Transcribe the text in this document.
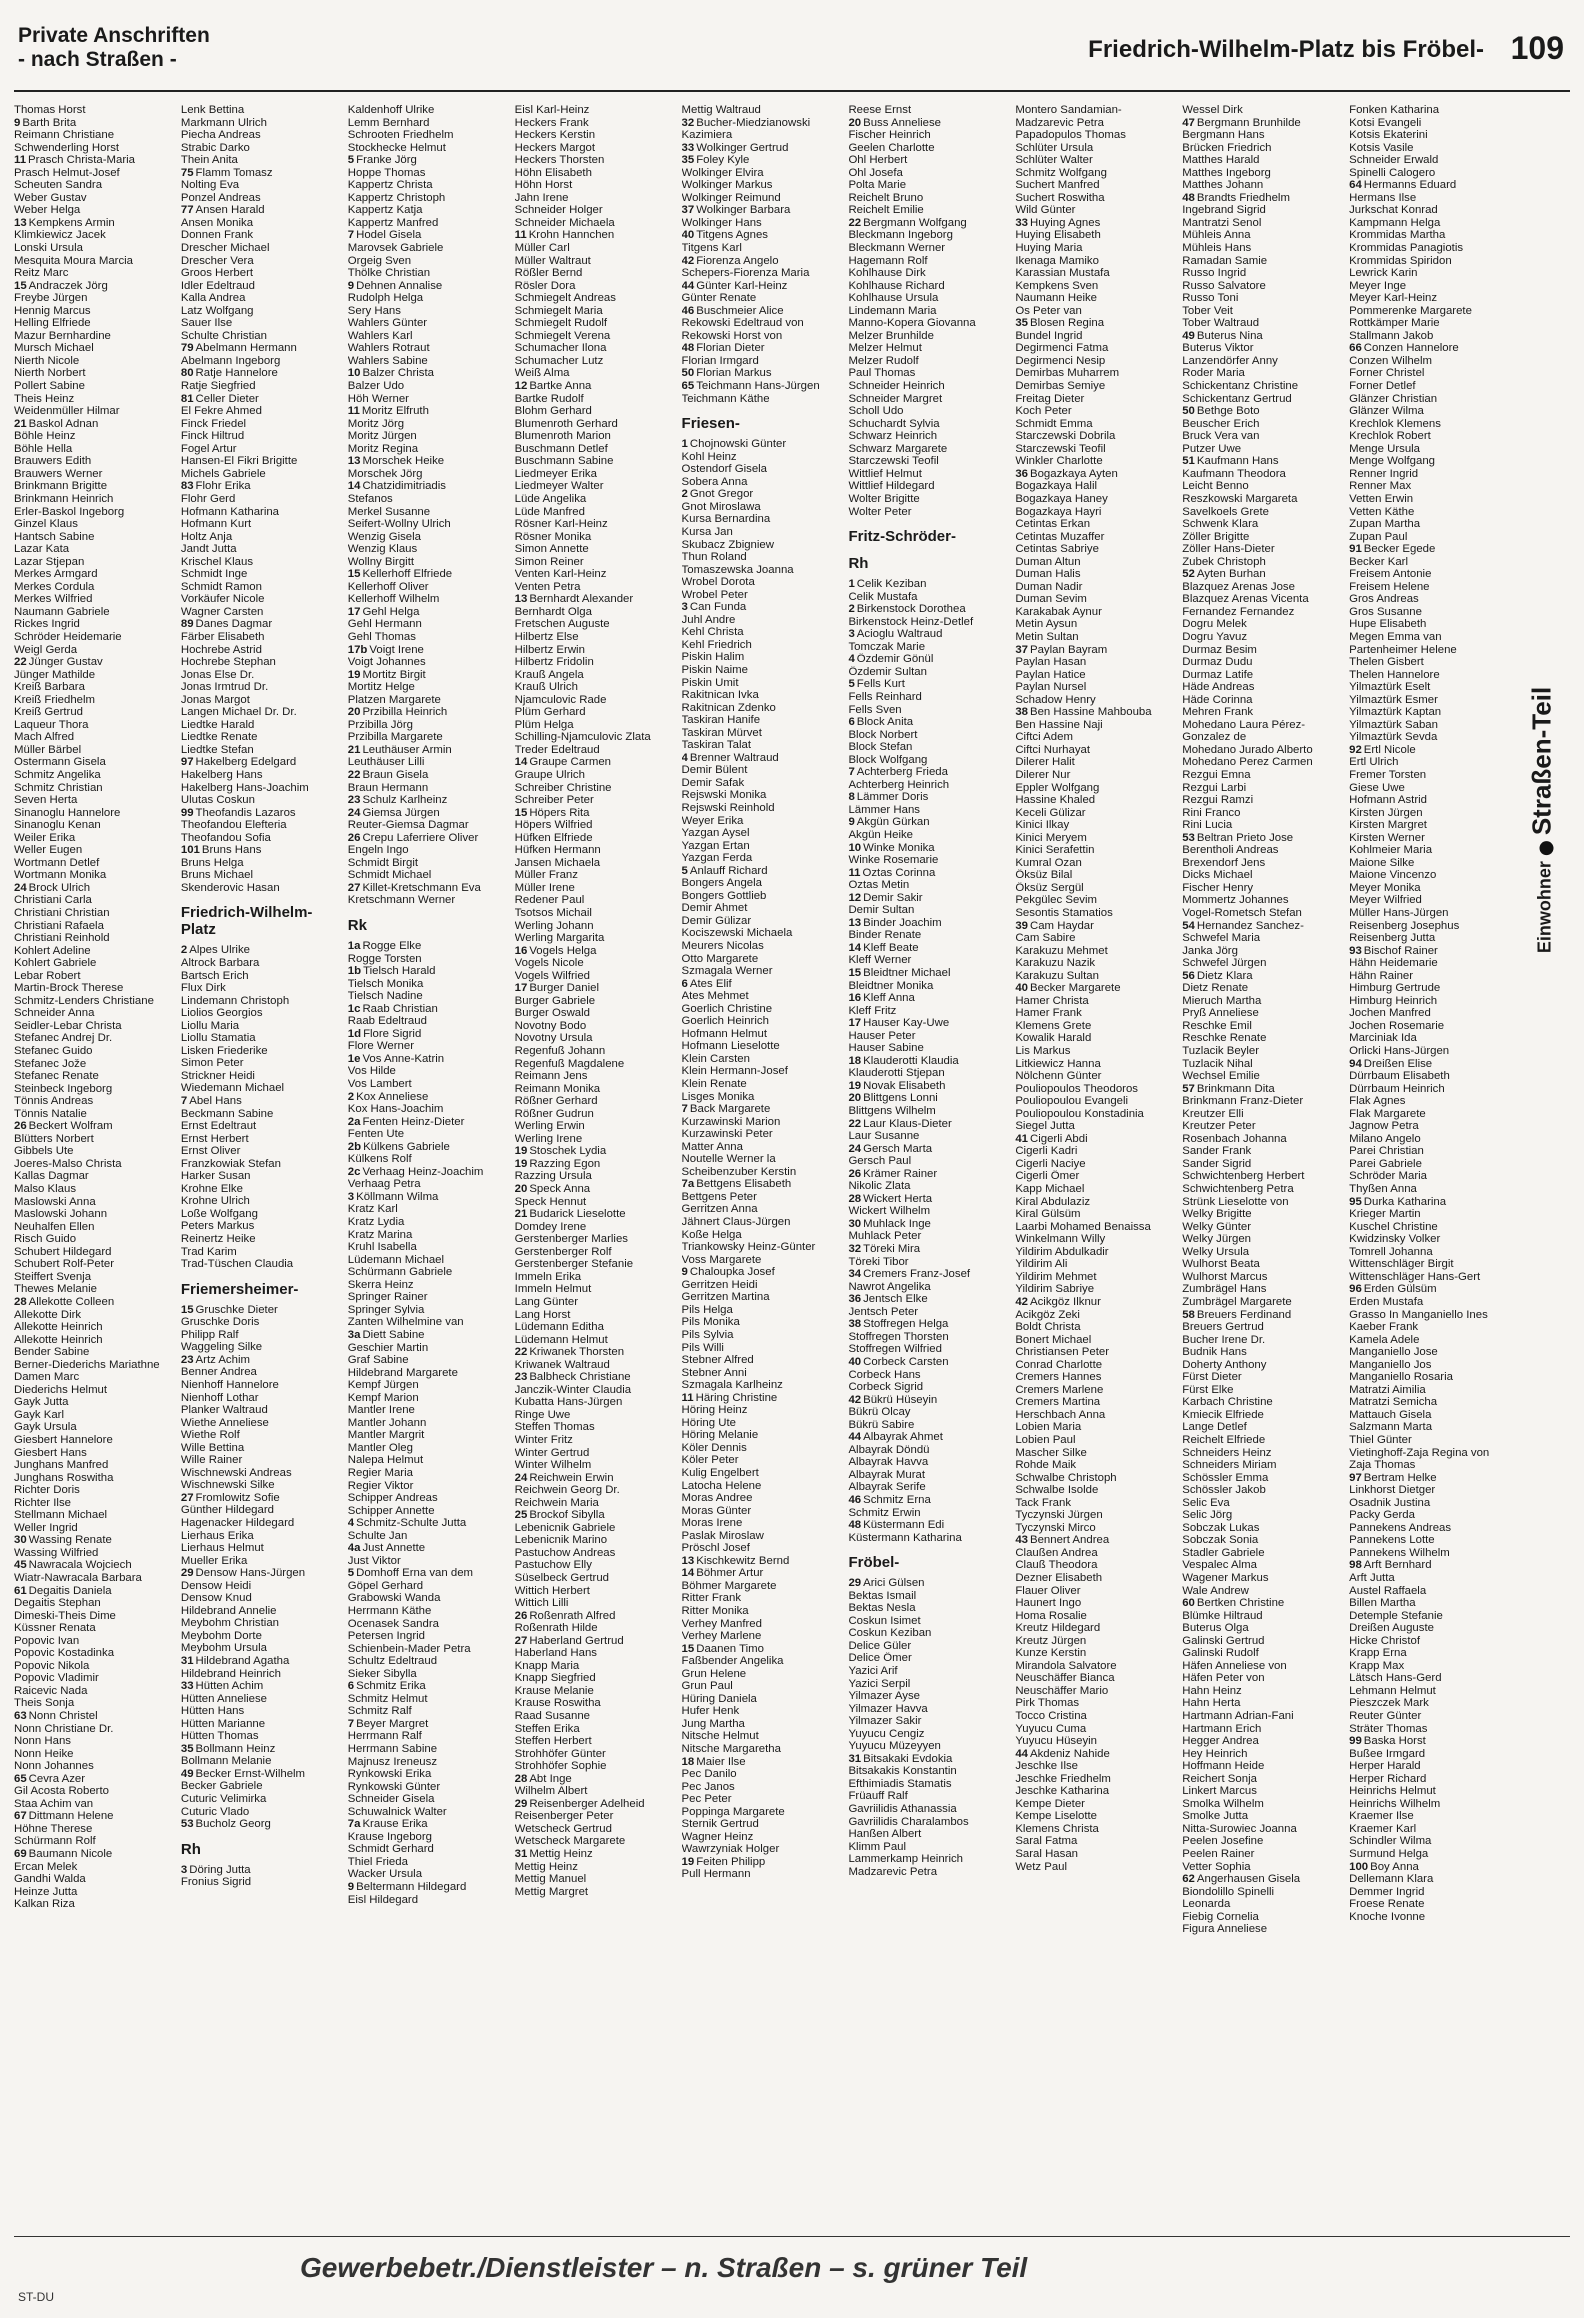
Private Anschriften
- nach Straßen -	Friedrich-Wilhelm-Platz bis Fröbel- 109
Thomas Horst
9 Barth Brita
Reimann Christiane
Schwenderling Horst
11 Prasch Christa-Maria
Prasch Helmut-Josef
Scheuten Sandra
Weber Gustav
Weber Helga
13 Kempkens Armin
Klimkiewicz Jacek
Lonski Ursula
Mesquita Moura Marcia
Reitz Marc
15 Andraczek Jörg
Freybe Jürgen
Hennig Marcus
Helling Elfriede
Mazur Bernhardine
Mursch Michael
Nierth Nicole
Nierth Norbert
Pollert Sabine
Theis Heinz
Weidenmüller Hilmar
21 Baskol Adnan
Böhle Heinz
Böhle Hella
Brauwers Edith
Brauwers Werner
Brinkmann Brigitte
Brinkmann Heinrich
Erler-Baskol Ingeborg
Ginzel Klaus
Hantsch Sabine
Lazar Kata
Lazar Stjepan
Merkes Armgard
Merkes Cordula
Merkes Wilfried
Naumann Gabriele
Rickes Ingrid
Schröder Heidemarie
Weigl Gerda
22 Jünger Gustav
Jünger Mathilde
Kreiß Barbara
Kreiß Friedhelm
Kreiß Gertrud
Laqueur Thora
Mach Alfred
Müller Bärbel
Ostermann Gisela
Schmitz Angelika
Schmitz Christian
Seven Herta
Sinanoglu Hannelore
Sinanoglu Kenan
Weiler Erika
Weller Eugen
Wortmann Detlef
Wortmann Monika
24 Brock Ulrich
Christiani Carla
Christiani Christian
Christiani Rafaela
Christiani Reinhold
Kohlert Adeline
Kohlert Gabriele
Lebar Robert
Martin-Brock Therese
Schmitz-Lenders Christiane
Schneider Anna
Seidler-Lebar Christa
Stefanec Andrej Dr.
Stefanec Guido
Stefanec Jože
Stefanec Renate
Steinbeck Ingeborg
Tönnis Andreas
Tönnis Natalie
26 Beckert Wolfram
Blütters Norbert
Gibbels Ute
Joeres-Malso Christa
Kallas Dagmar
Malso Klaus
Maslowski Anna
Maslowski Johann
Neuhalfen Ellen
Risch Guido
Schubert Hildegard
Schubert Rolf-Peter
Steiffert Svenja
Thewes Melanie
28 Allekotte Colleen
Allekotte Dirk
Allekotte Heinrich
Allekotte Heinrich
Bender Sabine
Berner-Diederichs Mariathne
Damen Marc
Diederichs Helmut
Gayk Jutta
Gayk Karl
Gayk Ursula
Giesbert Hannelore
Giesbert Hans
Junghans Manfred
Junghans Roswitha
Richter Doris
Richter Ilse
Stellmann Michael
Weller Ingrid
30 Wassing Renate
Wassing Wilfried
45 Nawracala Wojciech
Wiatr-Nawracala Barbara
61 Degaitis Daniela
Degaitis Stephan
Dimeski-Theis Dime
Küssner Renata
Popovic Ivan
Popovic Kostadinka
Popovic Nikola
Popovic Vladimir
Raicevic Nada
Theis Sonja
63 Nonn Christel
Nonn Christiane Dr.
Nonn Hans
Nonn Heike
Nonn Johannes
65 Cevra Azer
Gil Acosta Roberto
Staa Achim van
67 Dittmann Helene
Höhne Therese
Schürmann Rolf
69 Baumann Nicole
Ercan Melek
Gandhi Walda
Heinze Jutta
Kalkan Riza
Lenk Bettina
Markmann Ulrich
Piecha Andreas
Strabic Darko
Thein Anita
75 Flamm Tomasz
Nolting Eva
Ponzel Andreas
77 Ansen Harald
Ansen Monika
Donnen Frank
Drescher Michael
Drescher Vera
Groos Herbert
Idler Edeltraud
Kalla Andrea
Latz Wolfgang
Sauer Ilse
Schulte Christian
79 Abelmann Hermann
Abelmann Ingeborg
80 Ratje Hannelore
Ratje Siegfried
81 Celler Dieter
El Fekre Ahmed
Finck Friedel
Finck Hiltrud
Fogel Artur
Hansen-El Fikri Brigitte
Michels Gabriele
83 Flohr Erika
Flohr Gerd
Hofmann Katharina
Hofmann Kurt
Holtz Anja
Jandt Jutta
Krischel Klaus
Schmidt Inge
Schmidt Ramon
Vorkäufer Nicole
Wagner Carsten
89 Danes Dagmar
Färber Elisabeth
Hochrebe Astrid
Hochrebe Stephan
Jonas Else Dr.
Jonas Irmtrud Dr.
Jonas Margot
Langen Michael Dr. Dr.
Liedtke Harald
Liedtke Renate
Liedtke Stefan
97 Hakelberg Edelgard
Hakelberg Hans
Hakelberg Hans-Joachim
Ulutas Coskun
99 Theofandis Lazaros
Theofandou Elefteria
Theofandou Sofia
101 Bruns Hans
Bruns Helga
Bruns Michael
Skenderovic Hasan
Friedrich-Wilhelm-Platz
2 Alpes Ulrike
Altrock Barbara
Bartsch Erich
Flux Dirk
Lindemann Christoph
Liolios Georgios
Liollu Maria
Liollu Stamatia
Lisken Friederike
Simon Peter
Strickner Heidi
Wiedemann Michael
7 Abel Hans
Beckmann Sabine
Ernst Edeltraut
Ernst Herbert
Ernst Oliver
Franzkowiak Stefan
Harker Susan
Krohne Elke
Krohne Ulrich
Loße Wolfgang
Peters Markus
Reinertz Heike
Trad Karim
Trad-Tüschen Claudia
Friemersheimer-
15 Gruschke Dieter
Gruschke Doris
Philipp Ralf
Waggeling Silke
23 Artz Achim
Benner Andrea
Nienhoff Hannelore
Nienhoff Lothar
Planker Waltraud
Wiethe Anneliese
Wiethe Rolf
Wille Bettina
Wille Rainer
Wischnewski Andreas
Wischnewski Silke
27 Fromlowitz Sofie
Günther Hildegard
Hagenacker Hildegard
Lierhaus Erika
Lierhaus Helmut
Mueller Erika
29 Densow Hans-Jürgen
Densow Heidi
Densow Knud
Hildebrand Annelie
Meybohm Christian
Meybohm Dorte
Meybohm Ursula
31 Hildebrand Agatha
Hildebrand Heinrich
33 Hütten Achim
Hütten Anneliese
Hütten Hans
Hütten Marianne
Hütten Thomas
35 Bollmann Heinz
Bollmann Melanie
49 Becker Ernst-Wilhelm
Becker Gabriele
Cuturic Velimirka
Cuturic Vlado
53 Bucholz Georg
Rh
3 Döring Jutta
Fronius Sigrid
Kaldenhoff Ulrike
Lemm Bernhard
Schrooten Friedhelm
Stockhecke Helmut
5 Franke Jörg
Hoppe Thomas
Kappertz Christa
Kappertz Christoph
Kappertz Katja
Kappertz Manfred
7 Hodel Gisela
Marovsek Gabriele
Orgeig Sven
Thölke Christian
9 Dehnen Annalise
Rudolph Helga
Sery Hans
Wahlers Günter
Wahlers Karl
Wahlers Rotraut
Wahlers Sabine
10 Balzer Christa
Balzer Udo
Höh Werner
11 Moritz Elfruth
Moritz Jörg
Moritz Jürgen
Moritz Regina
13 Morschek Heike
Morschek Jörg
14 Chatzidimitriadis
Stefanos
Merkel Susanne
Seifert-Wollny Ulrich
Wenzig Gisela
Wenzig Klaus
Wollny Birgitt
15 Kellerhoff Elfriede
Kellerhoff Oliver
Kellerhoff Wilhelm
17 Gehl Helga
Gehl Hermann
Gehl Thomas
17b Voigt Irene
Voigt Johannes
19 Mortitz Birgit
Mortitz Helge
Platzen Margarete
20 Przibilla Heinrich
Przibilla Jörg
Przibilla Margarete
21 Leuthäuser Armin
Leuthäuser Lilli
22 Braun Gisela
Braun Hermann
23 Schulz Karlheinz
24 Giemsa Jürgen
Reuter-Giemsa Dagmar
26 Crepu Laferriere Oliver
Engeln Ingo
Schmidt Birgit
Schmidt Michael
27 Killet-Kretschmann Eva
Kretschmann Werner
Rk
1a Rogge Elke
Rogge Torsten
1b Tielsch Harald
Tielsch Monika
Tielsch Nadine
1c Raab Christian
Raab Edeltraud
1d Flore Sigrid
Flore Werner
1e Vos Anne-Katrin
Vos Hilde
Vos Lambert
2 Kox Anneliese
Kox Hans-Joachim
2a Fenten Heinz-Dieter
Fenten Ute
2b Külkens Gabriele
Külkens Rolf
2c Verhaag Heinz-Joachim
Verhaag Petra
3 Köllmann Wilma
Kratz Karl
Kratz Lydia
Kratz Marina
Kruhl Isabella
Lüdemann Michael
Schürmann Gabriele
Skerra Heinz
Springer Rainer
Springer Sylvia
Zanten Wilhelmine van
3a Diett Sabine
Geschier Martin
Graf Sabine
Hildebrand Margarete
Kempf Jürgen
Kempf Marion
Mantler Irene
Mantler Johann
Mantler Margrit
Mantler Oleg
Nalepa Helmut
Regier Maria
Regier Viktor
Schipper Andreas
Schipper Annette
4 Schmitz-Schulte Jutta
Schulte Jan
4a Just Annette
Just Viktor
5 Domhoff Erna van dem
Göpel Gerhard
Grabowski Wanda
Herrmann Käthe
Ocenasek Sandra
Petersen Ingrid
Schienbein-Mader Petra
Schultz Edeltraud
Sieker Sibylla
6 Schmitz Erika
Schmitz Helmut
Schmitz Ralf
7 Beyer Margret
Herrmann Ralf
Herrmann Sabine
Majnusz Ireneusz
Rynkowski Erika
Rynkowski Günter
Schneider Gisela
Schuwalnick Walter
7a Krause Erika
Krause Ingeborg
Schmidt Gerhard
Thiel Frieda
Wacker Ursula
9 Beltermann Hildegard
Eisl Hildegard
Eisl Karl-Heinz
Heckers Frank
Heckers Kerstin
Heckers Margot
Heckers Thorsten
Höhn Elisabeth
Höhn Horst
Jahn Irene
Schneider Holger
Schneider Michaela
11 Krohn Hannchen
Müller Carl
Müller Waltraut
Rößler Bernd
Rösler Dora
Schmiegelt Andreas
Schmiegelt Maria
Schmiegelt Rudolf
Schmiegelt Verena
Schumacher Ilona
Schumacher Lutz
Weiß Alma
12 Bartke Anna
Bartke Rudolf
Blohm Gerhard
Blumenroth Gerhard
Blumenroth Marion
Buschmann Detlef
Buschmann Sabine
Liedmeyer Erika
Liedmeyer Walter
Lüde Angelika
Lüde Manfred
Rösner Karl-Heinz
Rösner Monika
Simon Annette
Simon Reiner
Venten Karl-Heinz
Venten Petra
13 Bernhardt Alexander
Bernhardt Olga
Fretschen Auguste
Hilbertz Else
Hilbertz Erwin
Hilbertz Fridolin
Krauß Angela
Krauß Ulrich
Njamculovic Rade
Plüm Gerhard
Plüm Helga
Schilling-Njamculovic Zlata
Treder Edeltraud
14 Graupe Carmen
Graupe Ulrich
Schreiber Christine
Schreiber Peter
15 Höpers Rita
Höpers Wilfried
Hüfken Elfriede
Hüfken Hermann
Jansen Michaela
Müller Franz
Müller Irene
Redener Paul
Tsotsos Michail
Werling Johann
Werling Margarita
16 Vogels Helga
Vogels Nicole
Vogels Wilfried
17 Burger Daniel
Burger Gabriele
Burger Oswald
Novotny Bodo
Novotny Ursula
Regenfuß Johann
Regenfuß Magdalene
Reimann Jens
Reimann Monika
Rößner Gerhard
Rößner Gudrun
Werling Erwin
Werling Irene
19 Stoschek Lydia
19 Razzing Egon
Razzing Ursula
20 Speck Anna
Speck Hennut
21 Budarick Lieselotte
Domdey Irene
Gerstenberger Marlies
Gerstenberger Rolf
Gerstenberger Stefanie
Immeln Erika
Immeln Helmut
Lang Günter
Lang Horst
Lüdemann Editha
Lüdemann Helmut
22 Kriwanek Thorsten
Kriwanek Waltraud
23 Balbheck Christiane
Janczik-Winter Claudia
Kubatta Hans-Jürgen
Ringe Uwe
Steffen Thomas
Winter Fritz
Winter Gertrud
Winter Wilhelm
24 Reichwein Erwin
Reichwein Georg Dr.
Reichwein Maria
25 Brockof Sibylla
Lebenicnik Gabriele
Lebenicnik Marino
Pastuchow Andreas
Pastuchow Elly
Süselbeck Gertrud
Wittich Herbert
Wittich Lilli
26 Roßenrath Alfred
Roßenrath Hilde
27 Haberland Gertrud
Haberland Hans
Knapp Maria
Knapp Siegfried
Krause Melanie
Krause Roswitha
Raad Susanne
Steffen Erika
Steffen Herbert
Strohhöfer Günter
Strohhöfer Sophie
28 Abt Inge
Wilhelm Albert
29 Reisenberger Adelheid
Reisenberger Peter
Wetscheck Gertrud
Wetscheck Margarete
31 Mettig Heinz
Mettig Heinz
Mettig Manuel
Mettig Margret
Mettig Waltraud
32 Bucher-Miedzianowski
Kazimiera
33 Wolkinger Gertrud
35 Foley Kyle
Wolkinger Elvira
Wolkinger Markus
Wolkinger Reimund
37 Wolkinger Barbara
Wolkinger Hans
40 Titgens Agnes
Titgens Karl
42 Fiorenza Angelo
Schepers-Fiorenza Maria
44 Günter Karl-Heinz
Günter Renate
46 Buschmeier Alice
Rekowski Edeltraud von
Rekowski Horst von
48 Florian Dieter
Florian Irmgard
50 Florian Markus
65 Teichmann Hans-Jürgen
Teichmann Käthe
Friesen-
1 Chojnowski Günter
Kohl Heinz
Ostendorf Gisela
Sobera Anna
2 Gnot Gregor
Gnot Miroslawa
Kursa Bernardina
Kursa Jan
Skubacz Zbigniew
Thun Roland
Tomaszewska Joanna
Wrobel Dorota
Wrobel Peter
3 Can Funda
Juhl Andre
Kehl Christa
Kehl Friedrich
Piskin Halim
Piskin Naime
Piskin Umit
Rakitnican Ivka
Rakitnican Zdenko
Taskiran Hanife
Taskiran Mürvet
Taskiran Talat
4 Brenner Waltraud
Demir Bülent
Demir Safak
Rejswski Monika
Rejswski Reinhold
Weyer Erika
Yazgan Aysel
Yazgan Ertan
Yazgan Ferda
5 Anlauff Richard
Bongers Angela
Bongers Gottlieb
Demir Ahmet
Demir Gülizar
Kociszewski Michaela
Meurers Nicolas
Otto Margarete
Szmagala Werner
6 Ates Elif
Ates Mehmet
Goerlich Christine
Goerlich Heinrich
Hofmann Helmut
Hofmann Lieselotte
Klein Carsten
Klein Hermann-Josef
Klein Renate
Lisges Monika
7 Back Margarete
Kurzawinski Marion
Kurzawinski Peter
Matter Anna
Noutelle Werner la
Scheibenzuber Kerstin
7a Bettgens Elisabeth
Bettgens Peter
Gerritzen Anna
Jähnert Claus-Jürgen
Koße Helga
Triankowsky Heinz-Günter
Voss Margarete
9 Chaloupka Josef
Gerritzen Heidi
Gerritzen Martina
Pils Helga
Pils Monika
Pils Sylvia
Pils Willi
Stebner Alfred
Stebner Anni
Szmagala Karlheinz
11 Häring Christine
Höring Heinz
Höring Ute
Höring Melanie
Köler Dennis
Köler Peter
Kulig Engelbert
Latocha Helene
Moras Andree
Moras Günter
Moras Irene
Paslak Miroslaw
Pröschl Josef
13 Kischkewitz Bernd
14 Böhmer Artur
Böhmer Margarete
Ritter Frank
Ritter Monika
Verhey Manfred
Verhey Marlene
15 Daanen Timo
Faßbender Angelika
Grun Helene
Grun Paul
Hüring Daniela
Hufer Henk
Jung Martha
Nitsche Helmut
Nitsche Margaretha
18 Maier Ilse
Pec Danilo
Pec Janos
Pec Peter
Poppinga Margarete
Sternik Gertrud
Wagner Heinz
Wawrzyniak Holger
19 Feiten Philipp
Pull Hermann
Reese Ernst
20 Buss Anneliese
Fischer Heinrich
Geelen Charlotte
Ohl Herbert
Ohl Josefa
Polta Marie
Reichelt Bruno
Reichelt Emilie
22 Bergmann Wolfgang
Bleckmann Ingeborg
Bleckmann Werner
Hagemann Rolf
Kohlhause Dirk
Kohlhause Richard
Kohlhause Ursula
Lindemann Maria
Manno-Kopera Giovanna
Melzer Brunhilde
Melzer Helmut
Melzer Rudolf
Paul Thomas
Schneider Heinrich
Schneider Margret
Scholl Udo
Schuchardt Sylvia
Schwarz Heinrich
Schwarz Margarete
Starczewski Teofil
Wittlief Helmut
Wittlief Hildegard
Wolter Brigitte
Wolter Peter
Fritz-Schröder-
Rh
1 Celik Keziban
Celik Mustafa
2 Birkenstock Dorothea
Birkenstock Heinz-Detlef
3 Acioglu Waltraud
Tomczak Marie
4 Özdemir Gönül
Özdemir Sultan
5 Fells Kurt
Fells Reinhard
Fells Sven
6 Block Anita
Block Norbert
Block Stefan
Block Wolfgang
7 Achterberg Frieda
Achterberg Heinrich
8 Lämmer Doris
Lämmer Hans
9 Akgün Gürkan
Akgün Heike
10 Winke Monika
Winke Rosemarie
11 Oztas Corinna
Oztas Metin
12 Demir Sakir
Demir Sultan
13 Binder Joachim
Binder Renate
14 Kleff Beate
Kleff Werner
15 Bleidtner Michael
Bleidtner Monika
16 Kleff Anna
Kleff Fritz
17 Hauser Kay-Uwe
Hauser Peter
Hauser Sabine
18 Klauderotti Klaudia
Klauderotti Stjepan
19 Novak Elisabeth
20 Blittgens Lonni
Blittgens Wilhelm
22 Laur Klaus-Dieter
Laur Susanne
24 Gersch Marta
Gersch Paul
26 Krämer Rainer
Nikolic Zlata
28 Wickert Herta
Wickert Wilhelm
30 Muhlack Inge
Muhlack Peter
32 Töreki Mira
Töreki Tibor
34 Cremers Franz-Josef
Nawrot Angelika
36 Jentsch Elke
Jentsch Peter
38 Stoffregen Helga
Stoffregen Thorsten
Stoffregen Wilfried
40 Corbeck Carsten
Corbeck Hans
Corbeck Sigrid
42 Bükrü Hüseyin
Bükrü Olcay
Bükrü Sabire
44 Albayrak Ahmet
Albayrak Döndü
Albayrak Havva
Albayrak Murat
Albayrak Serife
46 Schmitz Erna
Schmitz Erwin
48 Küstermann Edi
Küstermann Katharina
Fröbel-
29 Arici Gülsen
Bektas Ismail
Bektas Nesla
Coskun Isimet
Coskun Keziban
Delice Güler
Delice Ömer
Yazici Arif
Yazici Serpil
Yilmazer Ayse
Yilmazer Havva
Yilmazer Sakir
Yuyucu Cengiz
Yuyucu Müzeyyen
31 Bitsakaki Evdokia
Bitsakakis Konstantin
Efthimiadis Stamatis
Früauff Ralf
Gavriilidis Athanassia
Gavriilidis Charalambos
Hanßen Albert
Klimm Paul
Lammerkamp Heinrich
Madzarevic Petra
Montero Sandamian-
Madzarevic Petra
Papadopulos Thomas
Schlüter Ursula
Schlüter Walter
Schmitz Wolfgang
Suchert Manfred
Suchert Roswitha
Wild Günter
33 Huying Agnes
Huying Elisabeth
Huying Maria
Ikenaga Mamiko
Karassian Mustafa
Kempkens Sven
Naumann Heike
Os Peter van
35 Blosen Regina
Bundel Ingrid
Degirmenci Fatma
Degirmenci Nesip
Demirbas Muharrem
Demirbas Semiye
Freitag Dieter
Koch Peter
Schmidt Emma
Starczewski Dobrila
Starczewski Teofil
Winkler Charlotte
36 Bogazkaya Ayten
Bogazkaya Halil
Bogazkaya Haney
Bogazkaya Hayri
Cetintas Erkan
Cetintas Muzaffer
Cetintas Sabriye
Duman Altun
Duman Halis
Duman Nadir
Duman Sevim
Karakabak Aynur
Metin Aysun
Metin Sultan
37 Paylan Bayram
Paylan Hasan
Paylan Hatice
Paylan Nursel
Schadow Henry
38 Ben Hassine Mahbouba
Ben Hassine Naji
Ciftci Adem
Ciftci Nurhayat
Dilerer Halit
Dilerer Nur
Eppler Wolfgang
Hassine Khaled
Keceli Gülizar
Kinici Ilkay
Kinici Meryem
Kinici Serafettin
Kumral Ozan
Öksüz Bilal
Öksüz Sergül
Pekgülec Sevim
Sesontis Stamatios
39 Cam Haydar
Cam Sabire
Karakuzu Mehmet
Karakuzu Nazik
Karakuzu Sultan
40 Becker Margarete
Hamer Christa
Hamer Frank
Klemens Grete
Kowalik Harald
Lis Markus
Litkiewicz Hanna
Nölchenn Günter
Pouliopoulos Theodoros
Pouliopoulou Evangeli
Pouliopoulou Konstadinia
Siegel Jutta
41 Cigerli Abdi
Cigerli Kadri
Cigerli Naciye
Cigerli Ömer
Kapp Michael
Kiral Abdulaziz
Kiral Gülsüm
Laarbi Mohamed Benaissa
Winkelmann Willy
Yildirim Abdulkadir
Yildirim Ali
Yildirim Mehmet
Yildirim Sabriye
42 Acikgöz Ilknur
Acikgöz Zeki
Boldt Christa
Bonert Michael
Christiansen Peter
Conrad Charlotte
Cremers Hannes
Cremers Marlene
Cremers Martina
Herschbach Anna
Lobien Maria
Lobien Paul
Mascher Silke
Rohde Maik
Schwalbe Christoph
Schwalbe Isolde
Tack Frank
Tyczynski Jürgen
Tyczynski Mirco
43 Bennert Andrea
Claußen Andrea
Clauß Theodora
Dezner Elisabeth
Flauer Oliver
Haunert Ingo
Homa Rosalie
Kreutz Hildegard
Kreutz Jürgen
Kunze Kerstin
Mirandola Salvatore
Neuschäffer Bianca
Neuschäffer Mario
Pirk Thomas
Tocco Cristina
Yuyucu Cuma
Yuyucu Hüseyin
44 Akdeniz Nahide
Jeschke Ilse
Jeschke Friedhelm
Jeschke Katharina
Kempe Dieter
Kempe Liselotte
Klemens Christa
Saral Fatma
Saral Hasan
Wetz Paul
Wessel Dirk
47 Bergmann Brunhilde
Bergmann Hans
Brücken Friedrich
Matthes Harald
Matthes Ingeborg
Matthes Johann
48 Brandts Friedhelm
Ingebrand Sigrid
Mantratzi Senol
Mühleis Anna
Mühleis Hans
Ramadan Samie
Russo Ingrid
Russo Salvatore
Russo Toni
Tober Veit
Tober Waltraud
49 Buterus Nina
Buterus Viktor
Lanzendörfer Anny
Roder Maria
Schickentanz Christine
Schickentanz Gertrud
50 Bethge Boto
Beuscher Erich
Bruck Vera van
Putzer Uwe
51 Kaufmann Hans
Kaufmann Theodora
Leicht Benno
Reszkowski Margareta
Savelkoels Grete
Schwenk Klara
Zöller Brigitte
Zöller Hans-Dieter
Zubek Christoph
52 Ayten Burhan
Blazquez Arenas Jose
Blazquez Arenas Vicenta
Fernandez Fernandez
Dogru Melek
Dogru Yavuz
Durmaz Besim
Durmaz Dudu
Durmaz Latife
Häde Andreas
Häde Corinna
Mehren Frank
Mohedano Laura Pérez-
Gonzalez de
Mohedano Jurado Alberto
Mohedano Perez Carmen
Rezgui Emna
Rezgui Larbi
Rezgui Ramzi
Rini Franco
Rini Lucia
53 Beltran Prieto Jose
Berentholi Andreas
Brexendorf Jens
Dicks Michael
Fischer Henry
Mommertz Johannes
Vogel-Rometsch Stefan
54 Hernandez Sanchez-
Schwefel Maria
Janka Jörg
Schwefel Jürgen
56 Dietz Klara
Dietz Renate
Mieruch Martha
Pryß Anneliese
Reschke Emil
Reschke Renate
Tuzlacik Beyler
Tuzlacik Nihal
Wechsel Emilie
57 Brinkmann Dita
Brinkmann Franz-Dieter
Kreutzer Elli
Kreutzer Peter
Rosenbach Johanna
Sander Frank
Sander Sigrid
Schwichtenberg Herbert
Schwichtenberg Petra
Strünk Lieselotte von
Welky Brigitte
Welky Günter
Welky Jürgen
Welky Ursula
Wulhorst Beata
Wulhorst Marcus
Zumbrägel Hans
Zumbrägel Margarete
58 Breuers Ferdinand
Breuers Gertrud
Bucher Irene Dr.
Budnik Hans
Doherty Anthony
Fürst Dieter
Fürst Elke
Karbach Christine
Kmiecik Elfriede
Lange Detlef
Reichelt Elfriede
Schneiders Heinz
Schneiders Miriam
Schössler Emma
Schössler Jakob
Selic Eva
Selic Jörg
Sobczak Lukas
Sobczak Sonia
Stadler Gabriele
Vespalec Alma
Wagener Markus
Wale Andrew
60 Bertken Christine
Blümke Hiltraud
Buterus Olga
Galinski Gertrud
Galinski Rudolf
Häfen Anneliese von
Häfen Peter von
Hahn Heinz
Hahn Herta
Hartmann Adrian-Fani
Hartmann Erich
Hegger Andrea
Hey Heinrich
Hoffmann Heide
Reichert Sonja
Linkert Marcus
Smolka Wilhelm
Smolke Jutta
Nitta-Surowiec Joanna
Peelen Josefine
Peelen Rainer
Vetter Sophia
62 Angerhausen Gisela
Biondolillo Spinelli
Leonarda
Fiebig Cornelia
Figura Anneliese
Fonken Katharina
Kotsi Evangeli
Kotsis Ekaterini
Kotsis Vasile
Schneider Erwald
Spinelli Calogero
64 Hermanns Eduard
Hermans Ilse
Jurkschat Konrad
Kampmann Helga
Krommidas Martha
Krommidas Panagiotis
Krommidas Spiridon
Lewrick Karin
Meyer Inge
Meyer Karl-Heinz
Pommerenke Margarete
Rottkämper Marie
Stallmann Jakob
66 Conzen Hannelore
Conzen Wilhelm
Forner Christel
Forner Detlef
Glänzer Christian
Glänzer Wilma
Krechlok Klemens
Krechlok Robert
Menge Ursula
Menge Wolfgang
Renner Ingrid
Renner Max
Vetten Erwin
Vetten Käthe
Zupan Martha
Zupan Paul
91 Becker Egede
Becker Karl
Freisem Antonie
Freisem Helene
Gros Andreas
Gros Susanne
Hupe Elisabeth
Megen Emma van
Partenheimer Helene
Thelen Gisbert
Thelen Hannelore
Yilmaztürk Eselt
Yilmaztürk Esmer
Yilmaztürk Kaptan
Yilmaztürk Saban
Yilmaztürk Sevda
92 Ertl Nicole
Ertl Ulrich
Fremer Torsten
Giese Uwe
Hofmann Astrid
Kirsten Jürgen
Kirsten Margret
Kirsten Werner
Kohlmeier Maria
Maione Silke
Maione Vincenzo
Meyer Monika
Meyer Wilfried
Müller Hans-Jürgen
Reisenberg Josephus
Reisenberg Jutta
93 Bischof Rainer
Hähn Heidemarie
Hähn Rainer
Himburg Gertrude
Himburg Heinrich
Jochen Manfred
Jochen Rosemarie
Marciniak Ida
Orlicki Hans-Jürgen
94 Dreißen Elise
Dürrbaum Elisabeth
Dürrbaum Heinrich
Flak Agnes
Flak Margarete
Jagnow Petra
Milano Angelo
Parei Christian
Parei Gabriele
Schröder Maria
Thyßen Anna
95 Durka Katharina
Krieger Martin
Kuschel Christine
Kwidzinsky Volker
Tomrell Johanna
Wittenschläger Birgit
Wittenschläger Hans-Gert
96 Erden Gülsüm
Erden Mustafa
Grasso In Manganiello Ines
Kaeber Frank
Kamela Adele
Manganiello Jose
Manganiello Jos
Manganiello Rosaria
Matratzi Aimilia
Matratzi Semicha
Mattauch Gisela
Salzmann Marta
Thiel Günter
Vietinghoff-Zaja Regina von
Zaja Thomas
97 Bertram Helke
Linkhorst Dietger
Osadnik Justina
Packy Gerda
Pannekens Andreas
Pannekens Lotte
Pannekens Wilhelm
98 Arft Bernhard
Arft Jutta
Austel Raffaela
Billen Martha
Detemple Stefanie
Dreißen Auguste
Hicke Christof
Krapp Erna
Krapp Max
Lätsch Hans-Gerd
Lehmann Helmut
Pieszczek Mark
Reuter Günter
Sträter Thomas
99 Baska Horst
Bußee Irmgard
Herper Harald
Herper Richard
Heinrichs Helmut
Heinrichs Wilhelm
Kraemer Ilse
Kraemer Karl
Schindler Wilma
Surmund Helga
100 Boy Anna
Dellemann Klara
Demmer Ingrid
Froese Renate
Knoche Ivonne
EinwohnerStraßen-Teil
Gewerbebetr./Dienstleister – n. Straßen – s. grüner Teil
ST-DU
